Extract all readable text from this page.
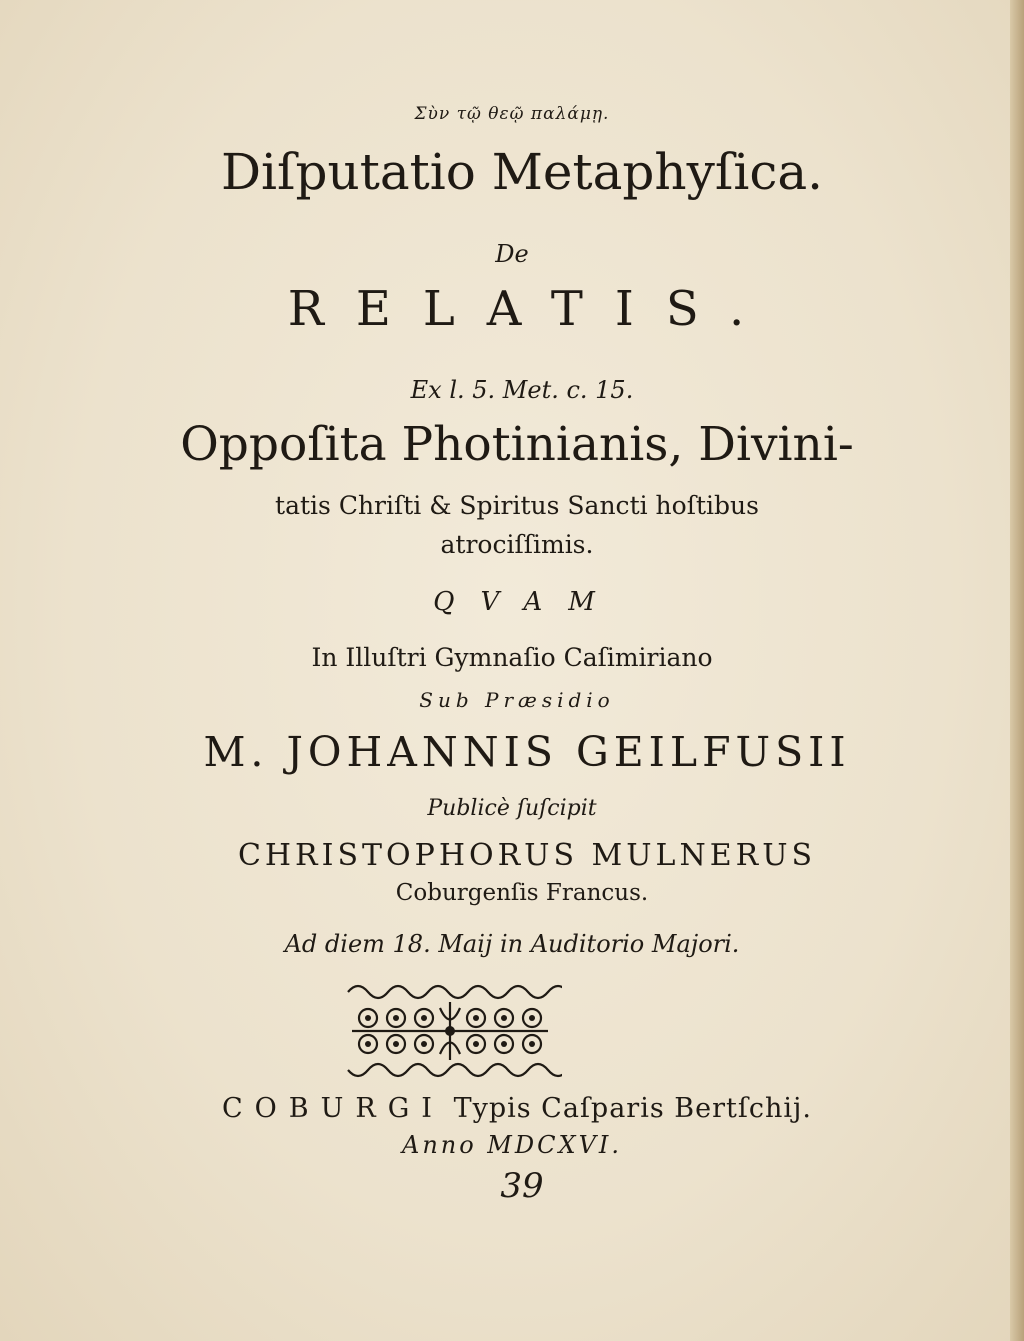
Σὺν τῷ θεῷ παλάμῃ.
Diſputatio Metaphyſica.
De
RELATIS.
Ex l. 5. Met. c. 15.
Oppoſita Photinianis, Divini-
tatis Chriſti & Spiritus Sancti hoſtibus
atrociſſimis.
QVAM
In Illuſtri Gymnaſio Caſimiriano
Sub Præsidio
M. JOHANNIS GEILFUSII
Publicè ſuſcipit
CHRISTOPHORUS MULNERUS
Coburgenſis Francus.
Ad diem 18. Maij in Auditorio Majori.
COBURGI Typis Caſparis Bertſchij.
Anno MDCXVI.
39
